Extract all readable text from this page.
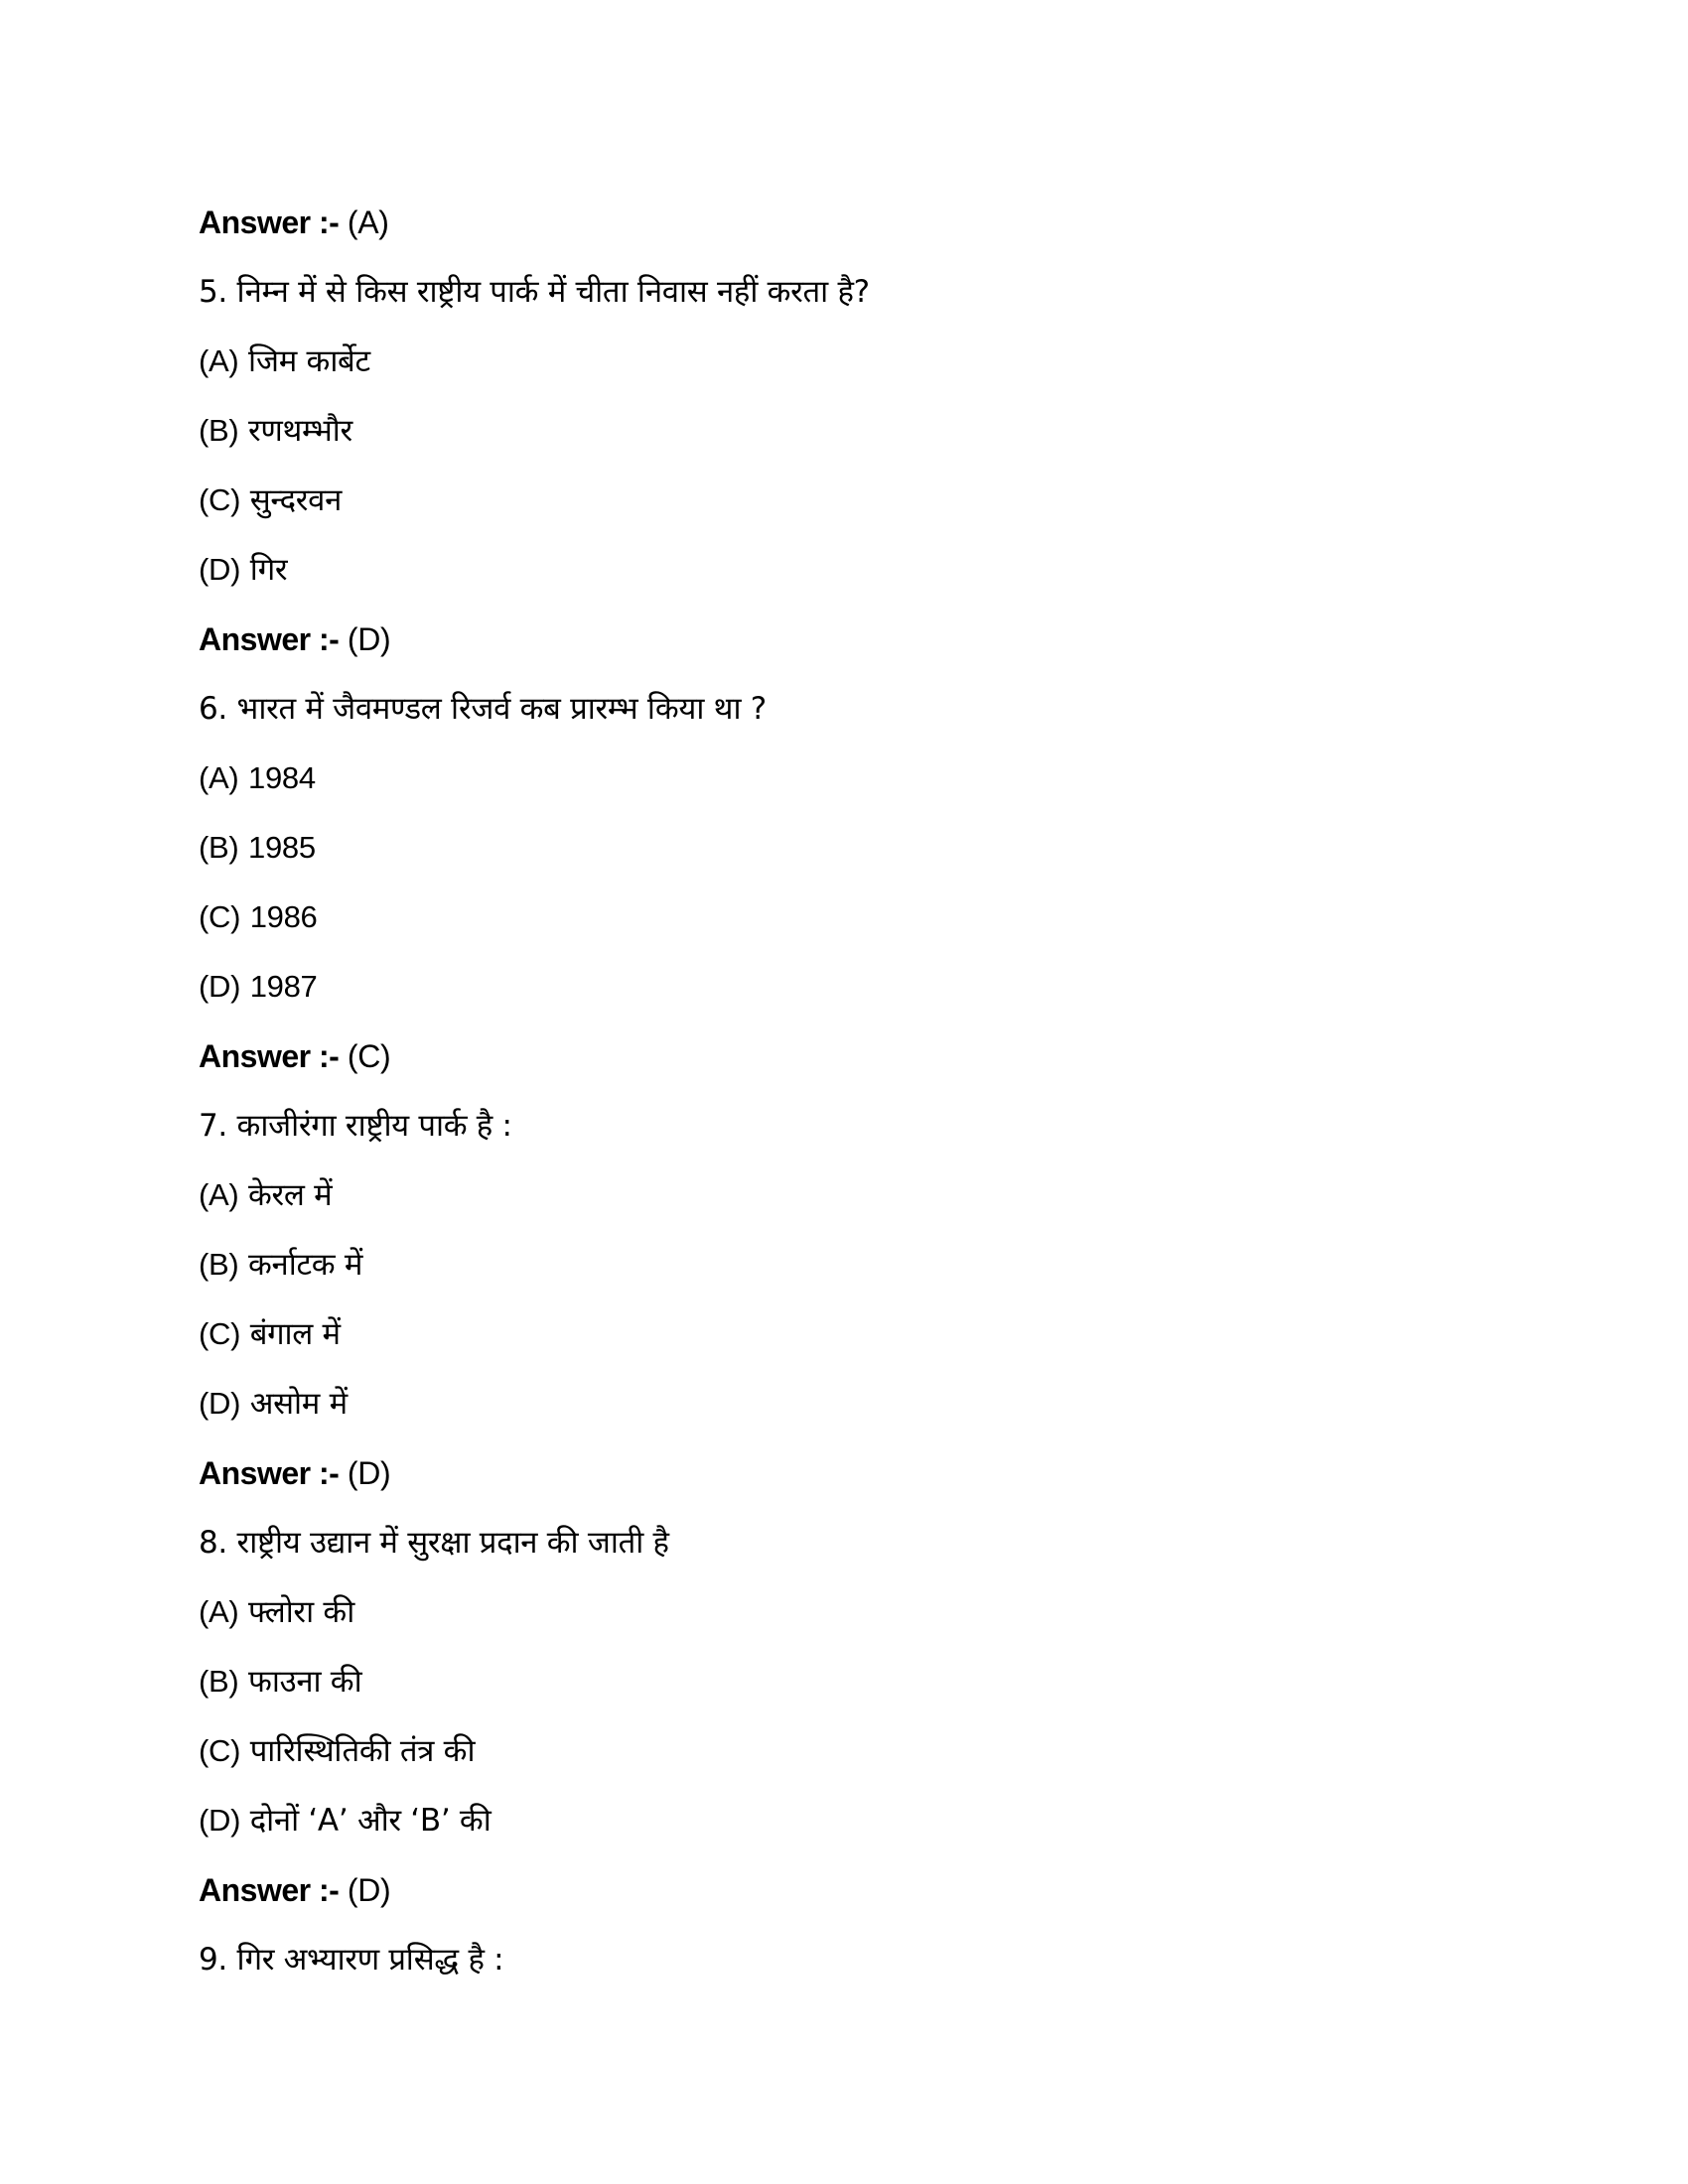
Answer :- (A)
5. निम्न में से किस राष्ट्रीय पार्क में चीता निवास नहीं करता है?
(A) जिम कार्बेट
(B) रणथम्भौर
(C) सुन्दरवन
(D) गिर
Answer :- (D)
6. भारत में जैवमण्डल रिजर्व कब प्रारम्भ किया था ?
(A) 1984
(B) 1985
(C) 1986
(D) 1987
Answer :- (C)
7. काजीरंगा राष्ट्रीय पार्क है :
(A) केरल में
(B) कर्नाटक में
(C) बंगाल में
(D) असोम में
Answer :- (D)
8. राष्ट्रीय उद्यान में सुरक्षा प्रदान की जाती है
(A) फ्लोरा की
(B) फाउना की
(C) पारिस्थितिकी तंत्र की
(D) दोनों ‘A’ और ‘B’ की
Answer :- (D)
9. गिर अभ्यारण प्रसिद्ध है :
